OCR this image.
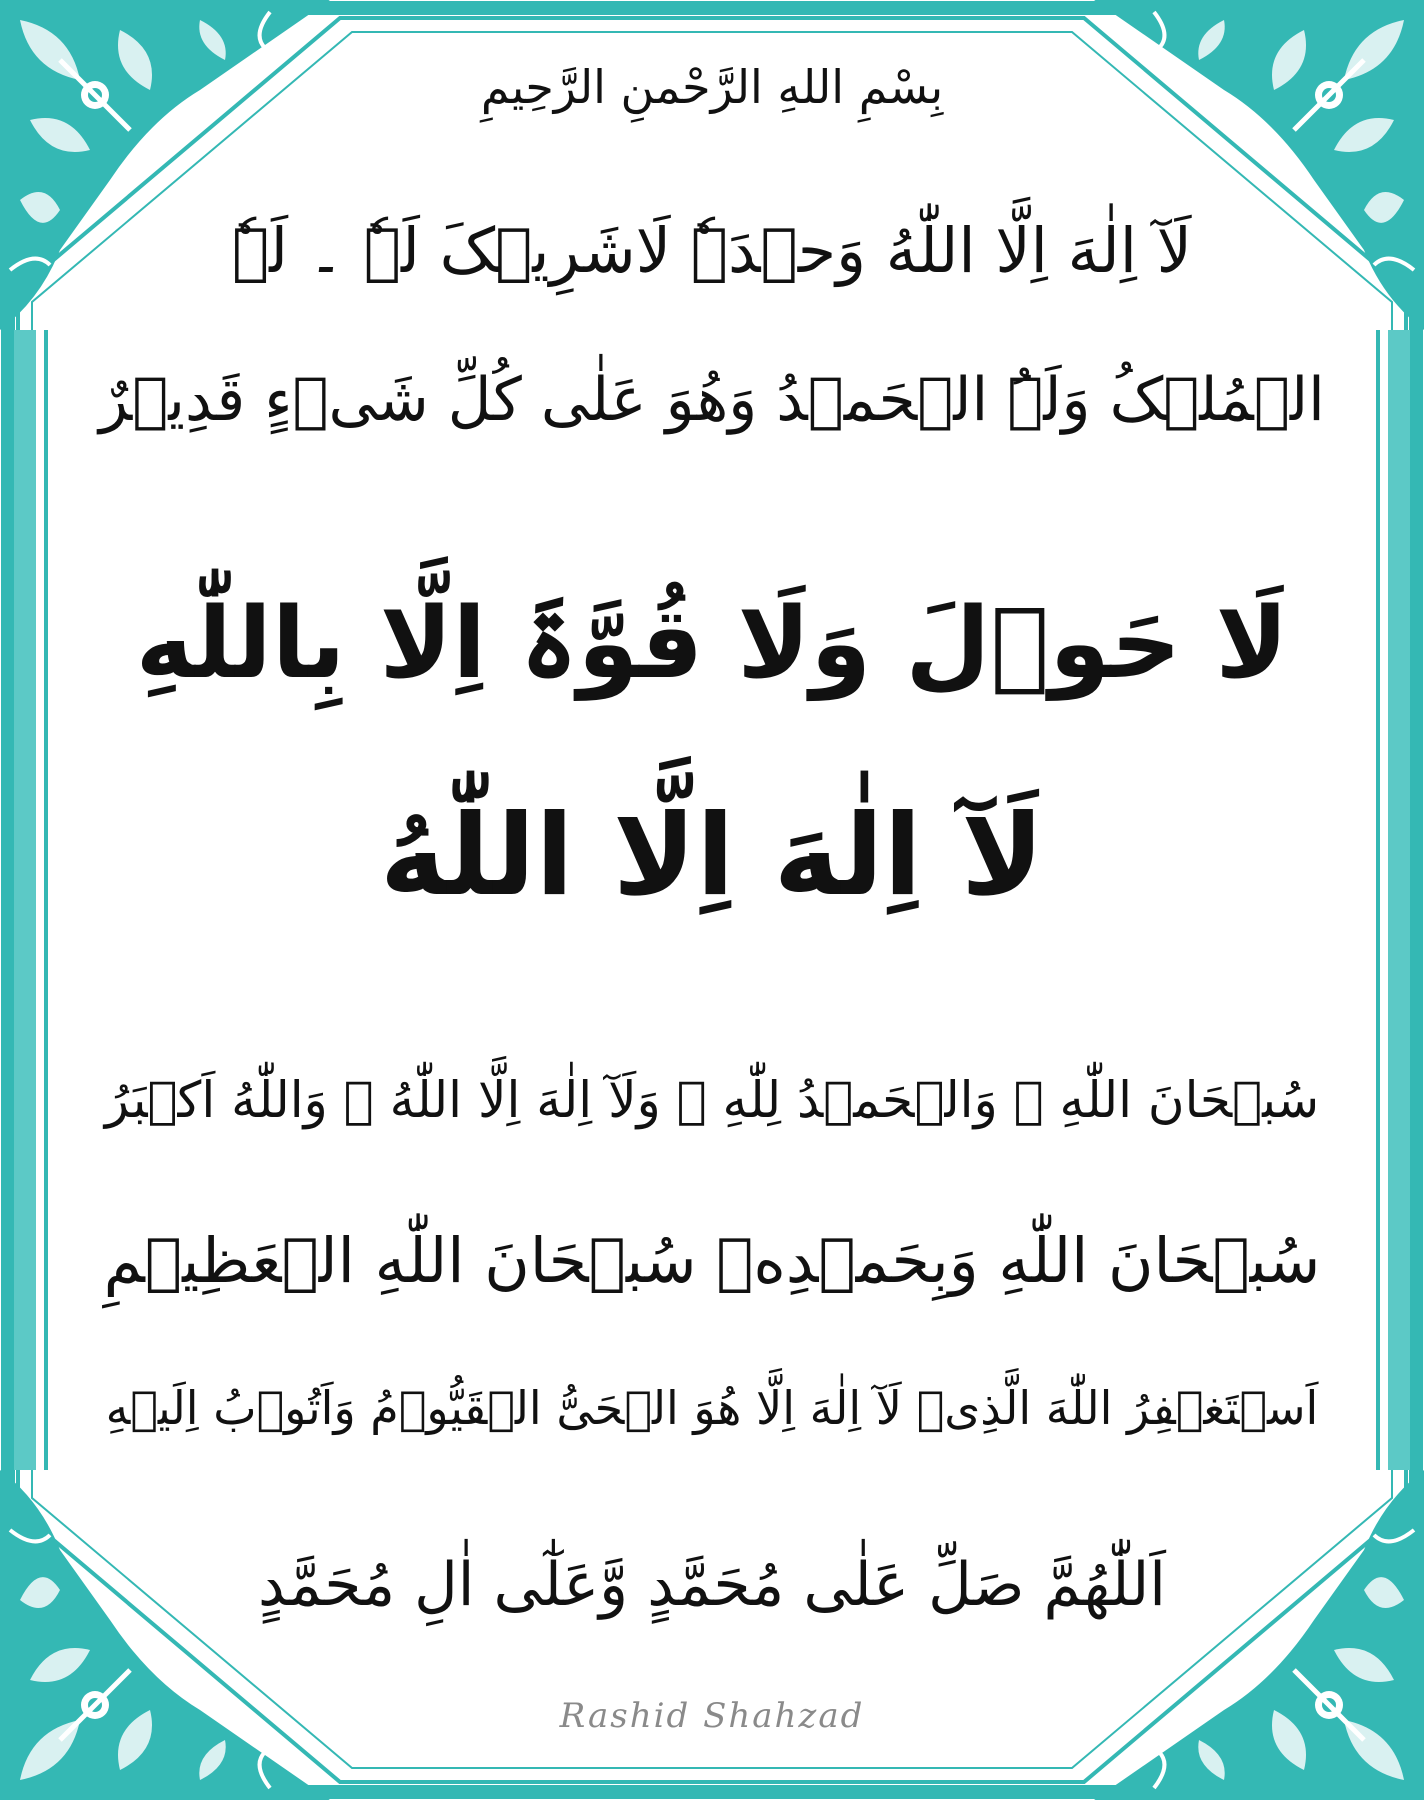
بِسْمِ اللهِ الرَّحْمنِ الرَّحِيمِ
لَآ اِلٰهَ اِلَّا اللّٰهُ وَحۡدَہٗ لَاشَرِیۡکَ لَہٗ ۔ لَہٗ
الۡمُلۡکُ وَلَہُ الۡحَمۡدُ وَھُوَ عَلٰی کُلِّ شَیۡءٍ قَدِیۡرٌ
لَا حَوۡلَ وَلَا قُوَّۃَ اِلَّا بِاللّٰهِ
لَآ اِلٰهَ اِلَّا اللّٰهُ
سُبۡحَانَ اللّٰهِ ۔ وَالۡحَمۡدُ لِلّٰهِ ۔ وَلَآ اِلٰهَ اِلَّا اللّٰهُ ۔ وَاللّٰهُ اَکۡبَرُ
سُبۡحَانَ اللّٰهِ وَبِحَمۡدِهٖ سُبۡحَانَ اللّٰهِ الۡعَظِیۡمِ
اَسۡتَغۡفِرُ اللّٰهَ الَّذِیۡ لَآ اِلٰهَ اِلَّا ھُوَ الۡحَیُّ الۡقَیُّوۡمُ وَاَتُوۡبُ اِلَیۡهِ
اَللّٰھُمَّ صَلِّ عَلٰی مُحَمَّدٍ وَّعَلٰٓی اٰلِ مُحَمَّدٍ
Rashid Shahzad
